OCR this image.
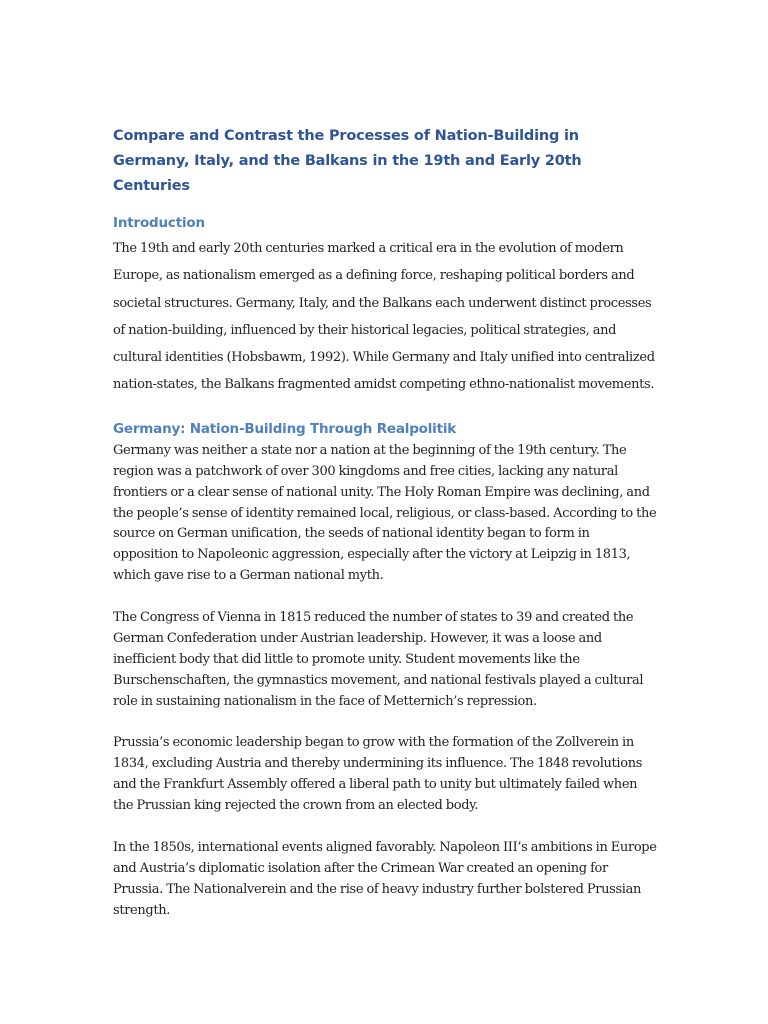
Compare and Contrast the Processes of Nation-Building in Germany, Italy, and the Balkans in the 19th and Early 20th Centuries
Introduction

The 19th and early 20th centuries marked a critical era in the evolution of modern Europe, as nationalism emerged as a defining force, reshaping political borders and societal structures. Germany, Italy, and the Balkans each underwent distinct processes of nation-building, influenced by their historical legacies, political strategies, and cultural identities (Hobsbawm, 1992). While Germany and Italy unified into centralized nation-states, the Balkans fragmented amidst competing ethno-nationalist movements.

Germany: Nation-Building Through Realpolitik

Germany was neither a state nor a nation at the beginning of the 19th century. The region was a patchwork of over 300 kingdoms and free cities, lacking any natural frontiers or a clear sense of national unity. The Holy Roman Empire was declining, and the people’s sense of identity remained local, religious, or class-based. According to the source on German unification, the seeds of national identity began to form in opposition to Napoleonic aggression, especially after the victory at Leipzig in 1813, which gave rise to a German national myth.

The Congress of Vienna in 1815 reduced the number of states to 39 and created the German Confederation under Austrian leadership. However, it was a loose and inefficient body that did little to promote unity. Student movements like the Burschenschaften, the gymnastics movement, and national festivals played a cultural role in sustaining nationalism in the face of Metternich’s repression.

Prussia’s economic leadership began to grow with the formation of the Zollverein in 1834, excluding Austria and thereby undermining its influence. The 1848 revolutions and the Frankfurt Assembly offered a liberal path to unity but ultimately failed when the Prussian king rejected the crown from an elected body.

In the 1850s, international events aligned favorably. Napoleon III’s ambitions in Europe and Austria’s diplomatic isolation after the Crimean War created an opening for Prussia. The Nationalverein and the rise of heavy industry further bolstered Prussian strength.
